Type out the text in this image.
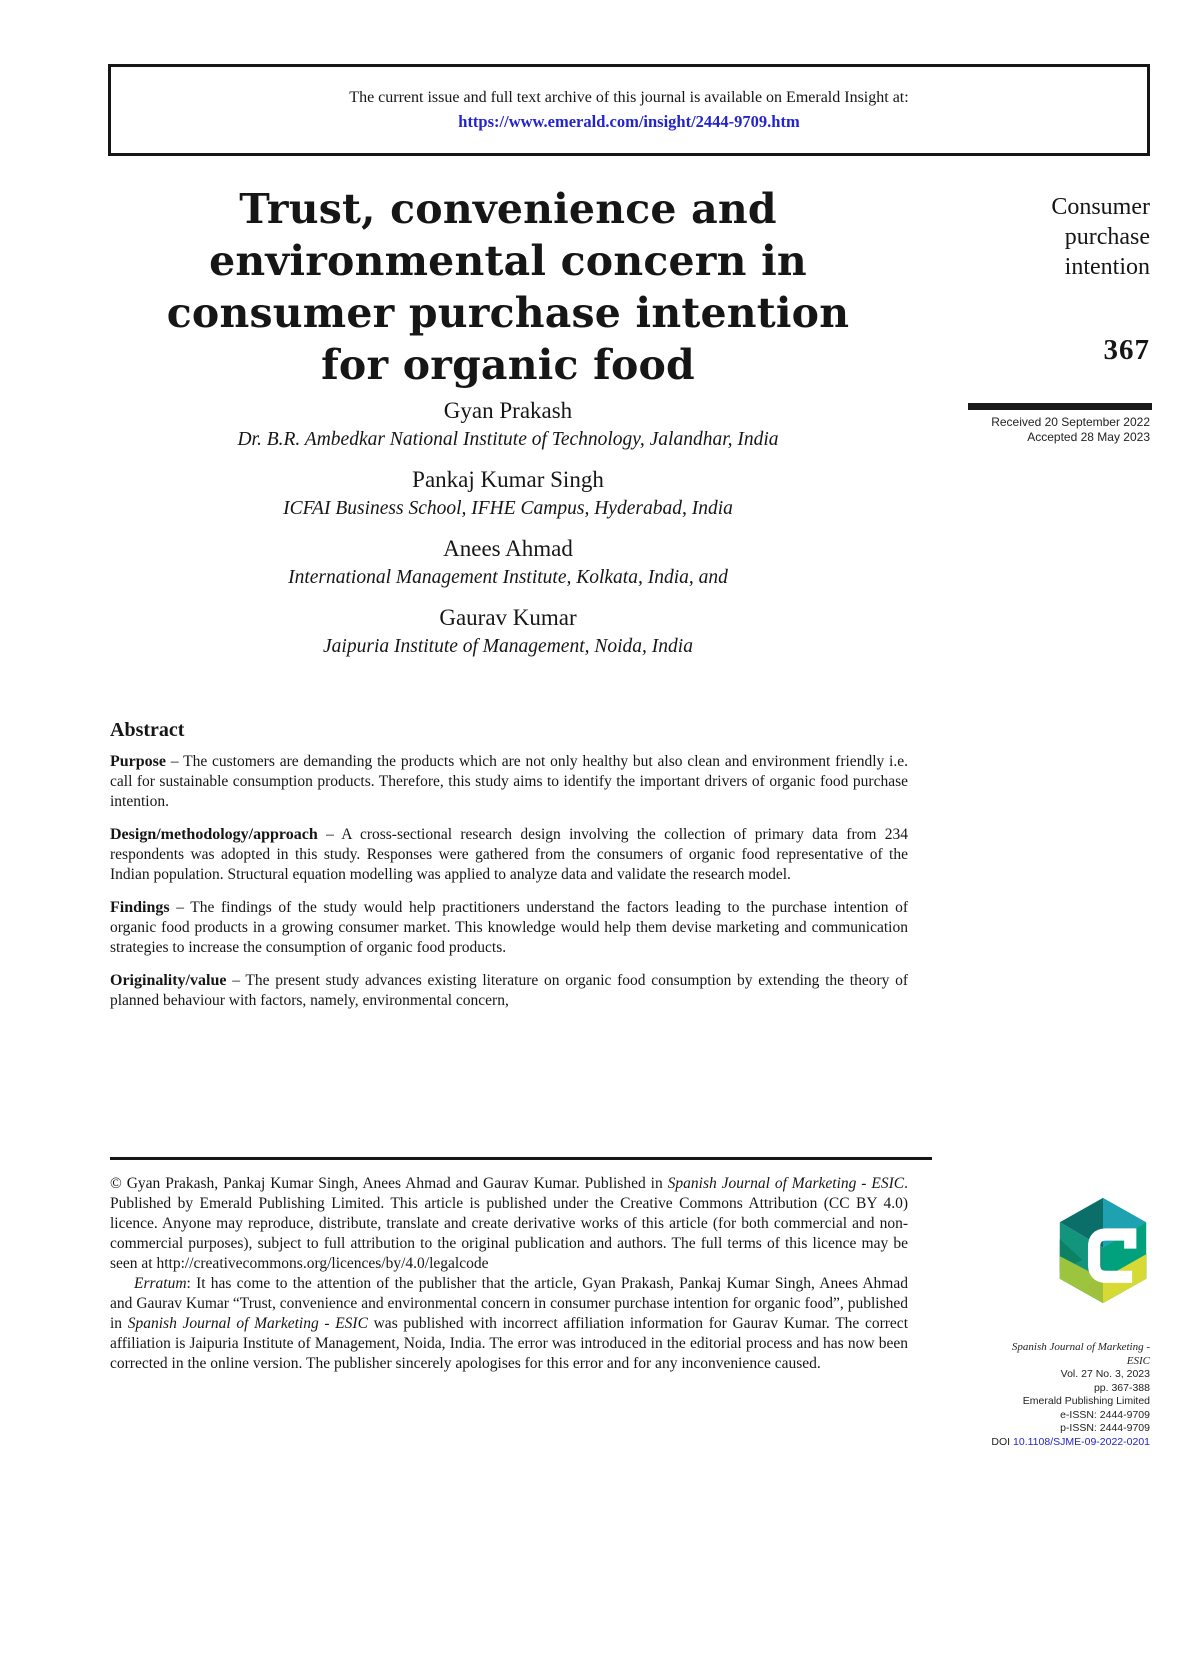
The current issue and full text archive of this journal is available on Emerald Insight at:
https://www.emerald.com/insight/2444-9709.htm
Trust, convenience and
environmental concern in
consumer purchase intention
for organic food
Gyan Prakash
Dr. B.R. Ambedkar National Institute of Technology, Jalandhar, India
Pankaj Kumar Singh
ICFAI Business School, IFHE Campus, Hyderabad, India
Anees Ahmad
International Management Institute, Kolkata, India, and
Gaurav Kumar
Jaipuria Institute of Management, Noida, India
Consumer purchase intention
367
Received 20 September 2022
Accepted 28 May 2023
Abstract

Purpose – The customers are demanding the products which are not only healthy but also clean and environment friendly i.e. call for sustainable consumption products. Therefore, this study aims to identify the important drivers of organic food purchase intention.

Design/methodology/approach – A cross-sectional research design involving the collection of primary data from 234 respondents was adopted in this study. Responses were gathered from the consumers of organic food representative of the Indian population. Structural equation modelling was applied to analyze data and validate the research model.

Findings – The findings of the study would help practitioners understand the factors leading to the purchase intention of organic food products in a growing consumer market. This knowledge would help them devise marketing and communication strategies to increase the consumption of organic food products.

Originality/value – The present study advances existing literature on organic food consumption by extending the theory of planned behaviour with factors, namely, environmental concern,

© Gyan Prakash, Pankaj Kumar Singh, Anees Ahmad and Gaurav Kumar. Published in Spanish Journal of Marketing - ESIC. Published by Emerald Publishing Limited. This article is published under the Creative Commons Attribution (CC BY 4.0) licence. Anyone may reproduce, distribute, translate and create derivative works of this article (for both commercial and non-commercial purposes), subject to full attribution to the original publication and authors. The full terms of this licence may be seen at http://creativecommons.org/licences/by/4.0/legalcode

Erratum: It has come to the attention of the publisher that the article, Gyan Prakash, Pankaj Kumar Singh, Anees Ahmad and Gaurav Kumar “Trust, convenience and environmental concern in consumer purchase intention for organic food”, published in Spanish Journal of Marketing - ESIC was published with incorrect affiliation information for Gaurav Kumar. The correct affiliation is Jaipuria Institute of Management, Noida, India. The error was introduced in the editorial process and has now been corrected in the online version. The publisher sincerely apologises for this error and for any inconvenience caused.

Spanish Journal of Marketing -
ESIC
Vol. 27 No. 3, 2023
pp. 367-388
Emerald Publishing Limited
e-ISSN: 2444-9709
p-ISSN: 2444-9709
DOI 10.1108/SJME-09-2022-0201
